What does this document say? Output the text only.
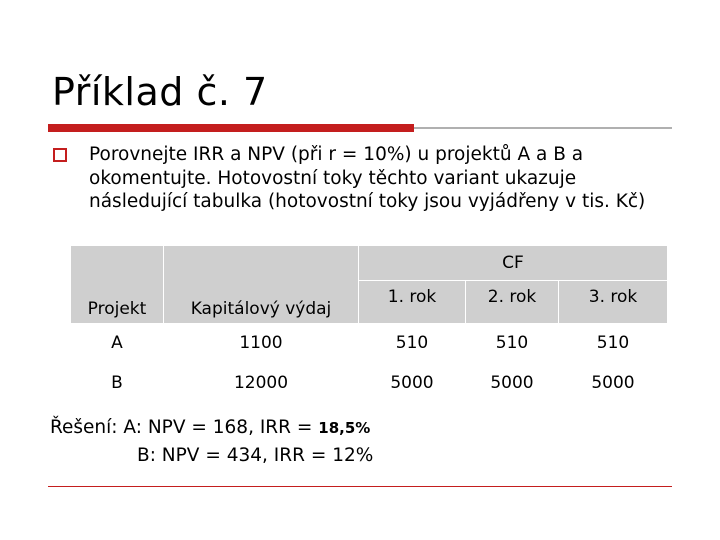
Příklad č. 7
Porovnejte IRR a NPV (při r = 10%) u projektů A a B a okomentujte. Hotovostní toky těchto variant ukazuje následující tabulka (hotovostní toky jsou vyjádřeny v tis. Kč)
Projekt	Kapitálový výdaj	CF		
		1. rok	2. rok	3. rok
A	1100	510	510	510
B	12000	5000	5000	5000
Řešení: A: NPV = 168, IRR = 18,5%
B: NPV = 434, IRR = 12%
